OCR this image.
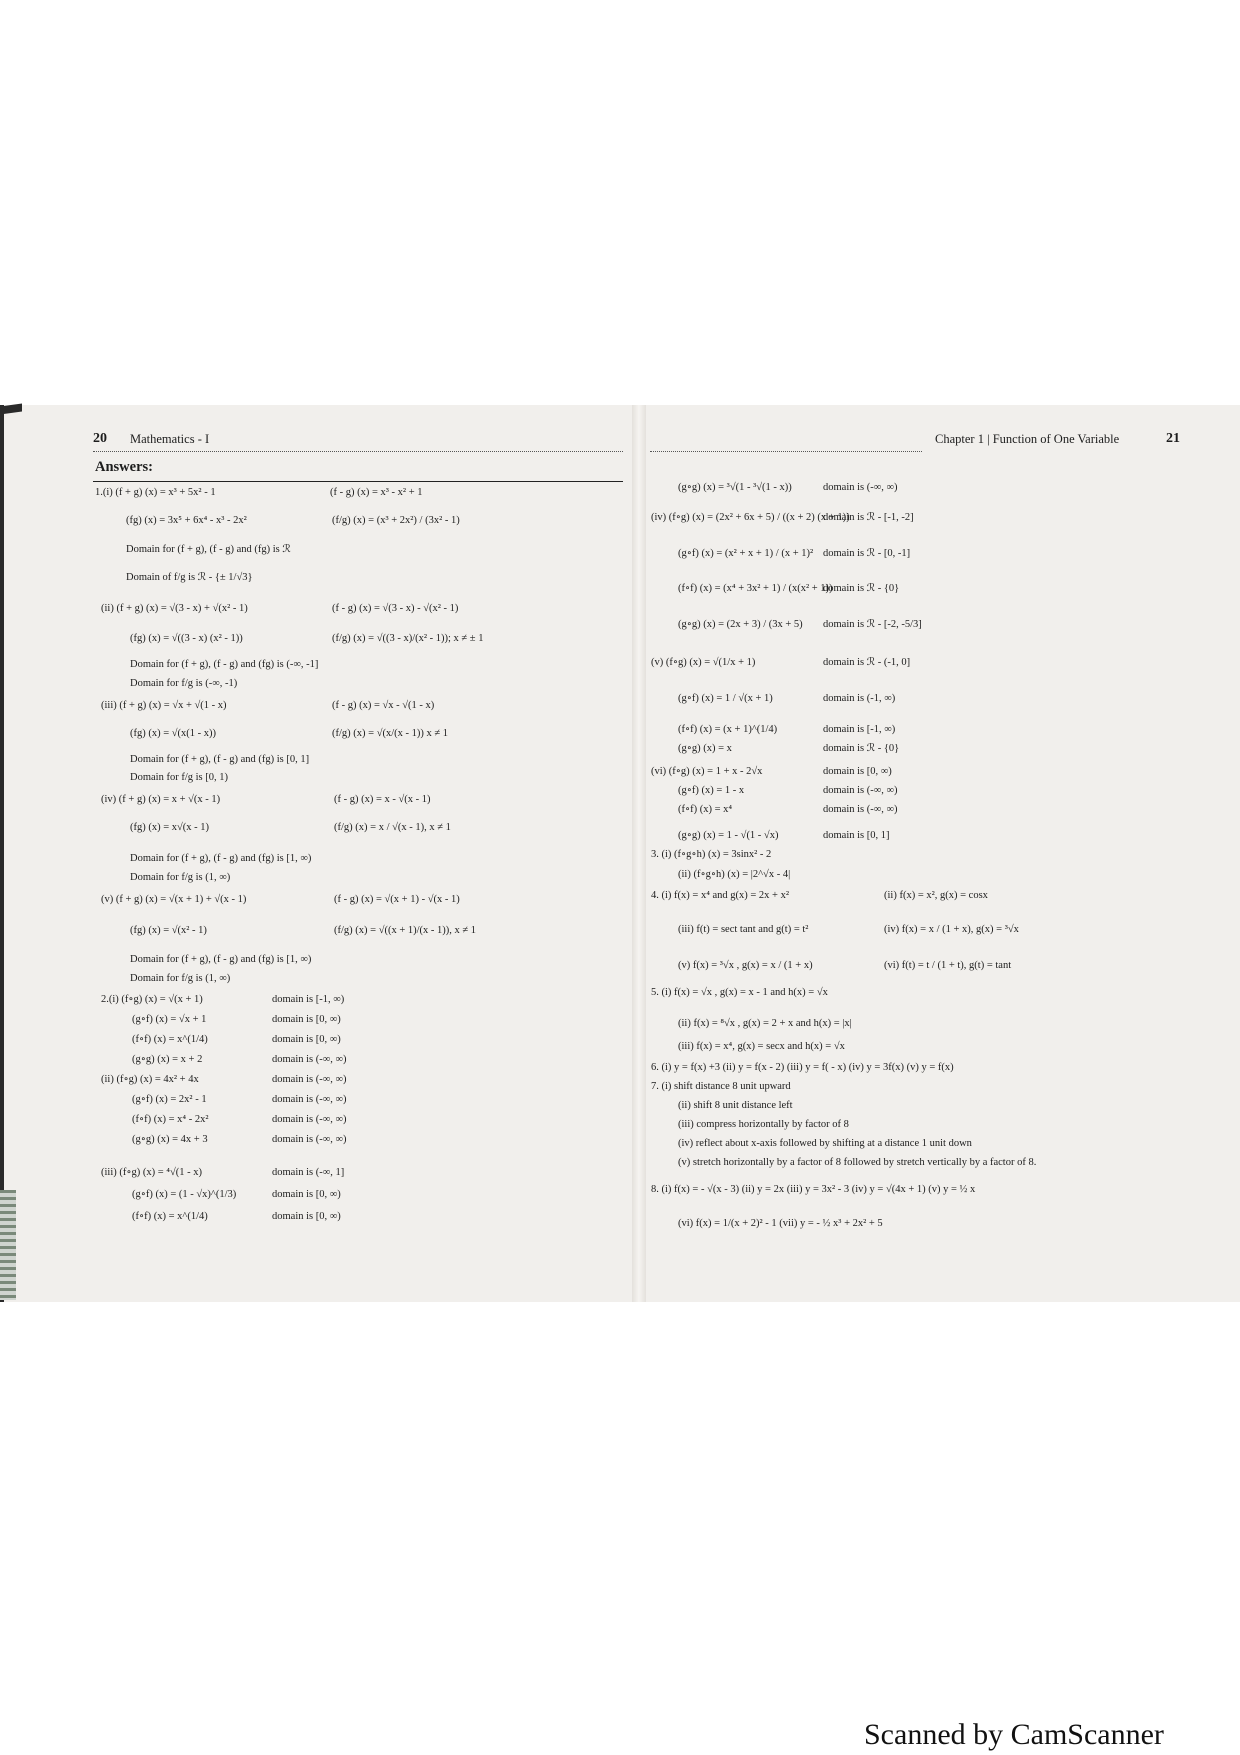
20 Mathematics - I
Answers:
Chapter 1 | Function of One Variable	21
1.(i) (f + g) (x) = x³ + 5x² - 1	(f - g) (x) = x³ - x² + 1
(fg) (x) = 3x⁵ + 6x⁴ - x³ - 2x²	(f/g) (x) = (x³ + 2x²) / (3x² - 1)
Domain for (f + g), (f - g) and (fg) is ℛ
Domain of f/g is ℛ - {± 1/√3}
(ii) (f + g) (x) = √(3 - x) + √(x² - 1)	(f - g) (x) = √(3 - x) - √(x² - 1)
(fg) (x) = √((3 - x) (x² - 1))	(f/g) (x) = √((3 - x)/(x² - 1)); x ≠ ± 1
Domain for (f + g), (f - g) and (fg) is (-∞, -1]
Domain for f/g is (-∞, -1)
(iii) (f + g) (x) = √x + √(1 - x)	(f - g) (x) = √x - √(1 - x)
(fg) (x) = √(x(1 - x))	(f/g) (x) = √(x/(x - 1)) x ≠ 1
Domain for (f + g), (f - g) and (fg) is [0, 1]
Domain for f/g is [0, 1)
(iv) (f + g) (x) = x + √(x - 1)	(f - g) (x) = x - √(x - 1)
(fg) (x) = x√(x - 1)	(f/g) (x) = x / √(x - 1), x ≠ 1
Domain for (f + g), (f - g) and (fg) is [1, ∞)
Domain for f/g is (1, ∞)
(v) (f + g) (x) = √(x + 1) + √(x - 1)	(f - g) (x) = √(x + 1) - √(x - 1)
(fg) (x) = √(x² - 1)	(f/g) (x) = √((x + 1)/(x - 1)), x ≠ 1
Domain for (f + g), (f - g) and (fg) is [1, ∞)
Domain for f/g is (1, ∞)
2.(i) (f∘g) (x) = √(x + 1)	domain is [-1, ∞)
(g∘f) (x) = √x + 1	domain is [0, ∞)
(f∘f) (x) = x^(1/4)	domain is [0, ∞)
(g∘g) (x) = x + 2	domain is (-∞, ∞)
(ii) (f∘g) (x) = 4x² + 4x	domain is (-∞, ∞)
(g∘f) (x) = 2x² - 1	domain is (-∞, ∞)
(f∘f) (x) = x⁴ - 2x²	domain is (-∞, ∞)
(g∘g) (x) = 4x + 3	domain is (-∞, ∞)
(iii) (f∘g) (x) = ⁴√(1 - x)	domain is (-∞, 1]
(g∘f) (x) = (1 - √x)^(1/3)	domain is [0, ∞)
(f∘f) (x) = x^(1/4)	domain is [0, ∞)
(g∘g) (x) = ³√(1 - ³√(1 - x))	domain is (-∞, ∞)
(iv) (f∘g) (x) = (2x² + 6x + 5) / ((x + 2) (x + 1))
domain is ℛ - [-1, -2]
(g∘f) (x) = (x² + x + 1) / (x + 1)² domain is ℛ - [0, -1]
(f∘f) (x) = (x⁴ + 3x² + 1) / (x(x² + 1))
domain is ℛ - {0}
(g∘g) (x) = (2x + 3) / (3x + 5) domain is ℛ - [-2, -5/3]
(v) (f∘g) (x) = √(1/x + 1)	domain is ℛ - (-1, 0]
(g∘f) (x) = 1 / √(x + 1)	domain is (-1, ∞)
(f∘f) (x) = (x + 1)^(1/4)	domain is [-1, ∞)
(g∘g) (x) = x	domain is ℛ - {0}
(vi) (f∘g) (x) = 1 + x - 2√x	domain is [0, ∞)
(g∘f) (x) = 1 - x	domain is (-∞, ∞)
(f∘f) (x) = x⁴	domain is (-∞, ∞)
(g∘g) (x) = 1 - √(1 - √x)	domain is [0, 1]
3. (i) (f∘g∘h) (x) = 3sinx² - 2
(ii) (f∘g∘h) (x) = |2^√x - 4|
4. (i) f(x) = x⁴ and g(x) = 2x + x²	(ii) f(x) = x², g(x) = cosx
(iii) f(t) = sect tant and g(t) = t²	(iv) f(x) = x / (1 + x), g(x) = ³√x
(v) f(x) = ³√x , g(x) = x / (1 + x)	(vi) f(t) = t / (1 + t), g(t) = tant
5. (i) f(x) = √x , g(x) = x - 1 and h(x) = √x
(ii) f(x) = ⁸√x , g(x) = 2 + x and h(x) = |x|
(iii) f(x) = x⁴, g(x) = secx and h(x) = √x
6. (i) y = f(x) +3 (ii) y = f(x - 2) (iii) y = f( - x) (iv) y = 3f(x) (v) y = f(x)
7. (i) shift distance 8 unit upward
(ii) shift 8 unit distance left
(iii) compress horizontally by factor of 8
(iv) reflect about x-axis followed by shifting at a distance 1 unit down
(v) stretch horizontally by a factor of 8 followed by stretch vertically by a factor of 8.
8. (i) f(x) = - √(x - 3) (ii) y = 2x (iii) y = 3x² - 3 (iv) y = √(4x + 1) (v) y = ½ x
(vi) f(x) = 1/(x + 2)² - 1 (vii) y = - ½ x³ + 2x² + 5
Scanned by CamScanner
